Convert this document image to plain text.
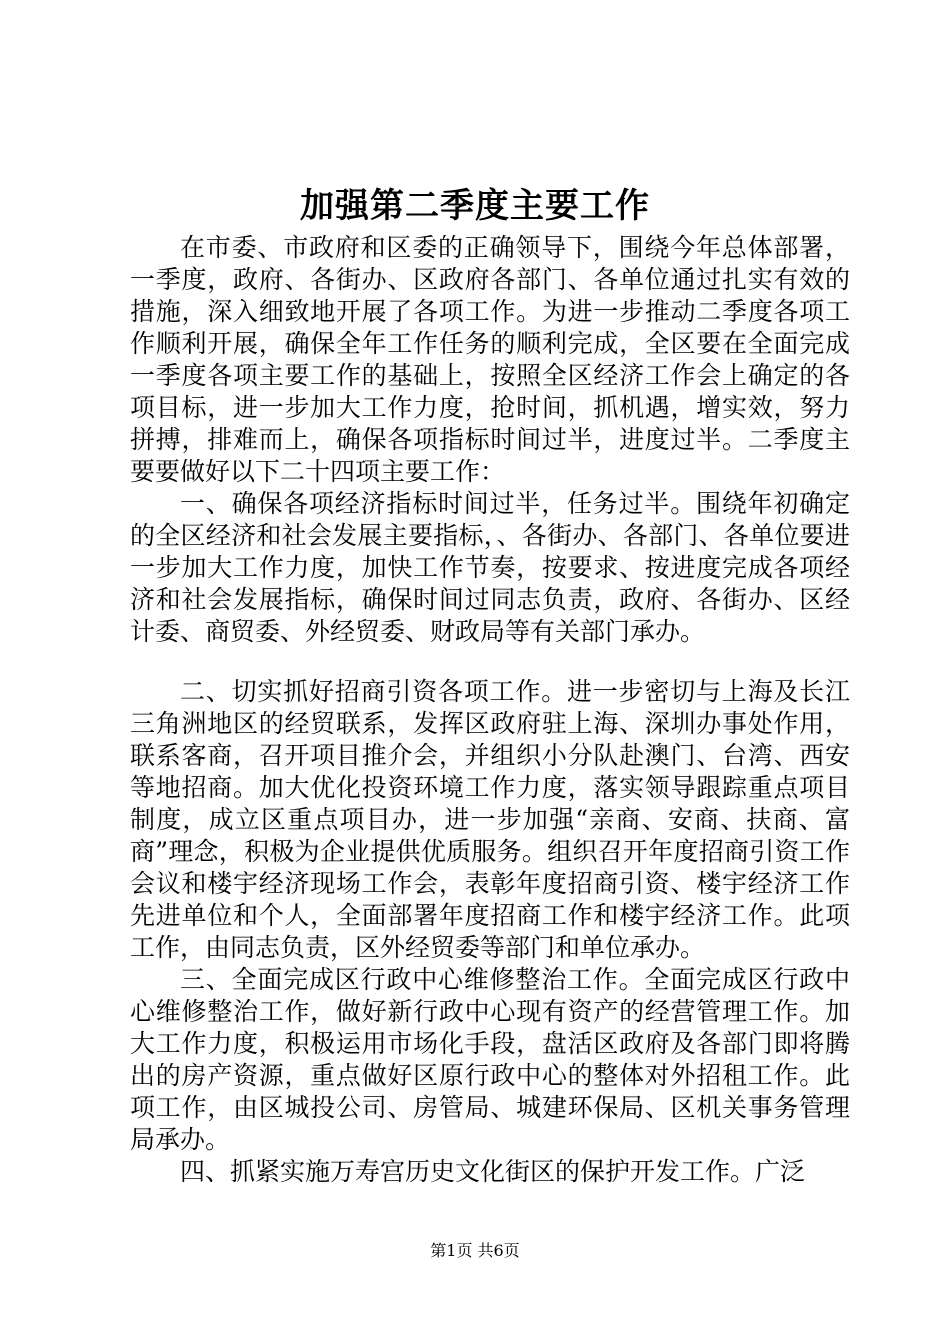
加强第二季度主要工作

在市委、市政府和区委的正确领导下，围绕今年总体部署，一季度，政府、各街办、区政府各部门、各单位通过扎实有效的措施，深入细致地开展了各项工作。为进一步推动二季度各项工作顺利开展，确保全年工作任务的顺利完成，全区要在全面完成一季度各项主要工作的基础上，按照全区经济工作会上确定的各项目标，进一步加大工作力度，抢时间，抓机遇，增实效，努力拼搏，排难而上，确保各项指标时间过半，进度过半。二季度主要要做好以下二十四项主要工作：

一、确保各项经济指标时间过半，任务过半。围绕年初确定的全区经济和社会发展主要指标，、各街办、各部门、各单位要进一步加大工作力度，加快工作节奏，按要求、按进度完成各项经济和社会发展指标，确保时间过同志负责，政府、各街办、区经计委、商贸委、外经贸委、财政局等有关部门承办。

二、切实抓好招商引资各项工作。进一步密切与上海及长江三角洲地区的经贸联系，发挥区政府驻上海、深圳办事处作用，联系客商，召开项目推介会，并组织小分队赴澳门、台湾、西安等地招商。加大优化投资环境工作力度，落实领导跟踪重点项目制度，成立区重点项目办，进一步加强“亲商、安商、扶商、富商”理念，积极为企业提供优质服务。组织召开年度招商引资工作会议和楼宇经济现场工作会，表彰年度招商引资、楼宇经济工作先进单位和个人，全面部署年度招商工作和楼宇经济工作。此项工作，由同志负责，区外经贸委等部门和单位承办。

三、全面完成区行政中心维修整治工作。全面完成区行政中心维修整治工作，做好新行政中心现有资产的经营管理工作。加大工作力度，积极运用市场化手段，盘活区政府及各部门即将腾出的房产资源，重点做好区原行政中心的整体对外招租工作。此项工作，由区城投公司、房管局、城建环保局、区机关事务管理局承办。

四、抓紧实施万寿宫历史文化街区的保护开发工作。广泛

第1页 共6页
